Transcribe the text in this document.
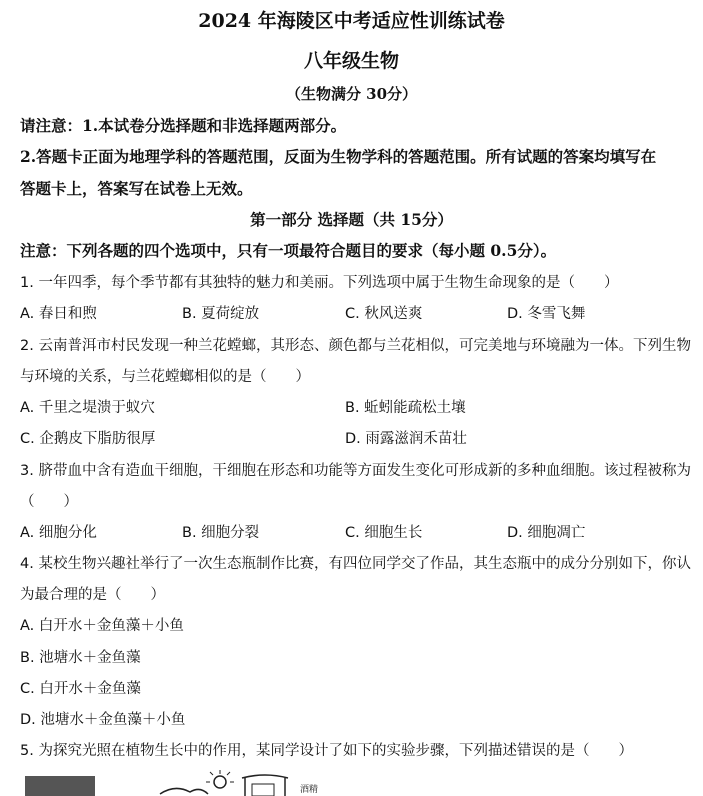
2024 年海陵区中考适应性训练试卷
八年级生物
（生物满分 30分）
请注意：1.本试卷分选择题和非选择题两部分。
2.答题卡正面为地理学科的答题范围，反面为生物学科的答题范围。所有试题的答案均填写在
答题卡上，答案写在试卷上无效。
第一部分 选择题（共 15分）
注意：下列各题的四个选项中，只有一项最符合题目的要求（每小题 0.5分）。
1. 一年四季，每个季节都有其独特的魅力和美丽。下列选项中属于生物生命现象的是（　　）
A. 春日和煦	B. 夏荷绽放	C. 秋风送爽	D. 冬雪飞舞
2. 云南普洱市村民发现一种兰花螳螂，其形态、颜色都与兰花相似，可完美地与环境融为一体。下列生物
与环境的关系，与兰花螳螂相似的是（　　）
A. 千里之堤溃于蚁穴	B. 蚯蚓能疏松土壤
C. 企鹅皮下脂肪很厚	D. 雨露滋润禾苗壮
3. 脐带血中含有造血干细胞，干细胞在形态和功能等方面发生变化可形成新的多种血细胞。该过程被称为
（　　）
A. 细胞分化	B. 细胞分裂	C. 细胞生长	D. 细胞凋亡
4. 某校生物兴趣社举行了一次生态瓶制作比赛，有四位同学交了作品，其生态瓶中的成分分别如下，你认
为最合理的是（　　）
A. 白开水＋金鱼藻＋小鱼
B. 池塘水＋金鱼藻
C. 白开水＋金鱼藻
D. 池塘水＋金鱼藻＋小鱼
5. 为探究光照在植物生长中的作用，某同学设计了如下的实验步骤，下列描述错误的是（　　）
酒精
